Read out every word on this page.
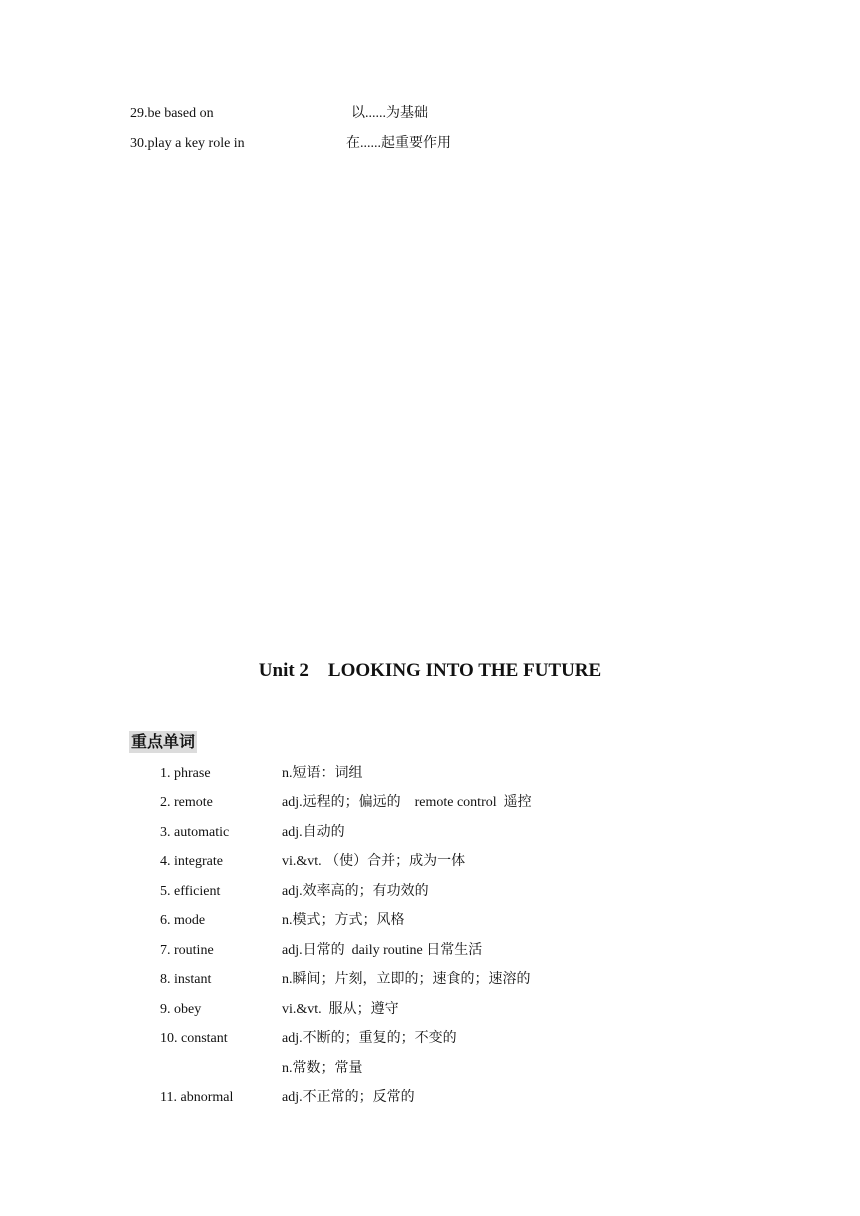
29.be based on

	以......为基础

30.play a key role in

	在......起重要作用

Unit 2    LOOKING INTO THE FUTURE
重点单词

1. phrase

	n.短语：词组

2. remote

	adj.远程的；偏远的    remote control  遥控

3. automatic

	adj.自动的

4. integrate

	vi.&vt. （使）合并；成为一体

5. efficient

	adj.效率高的；有功效的

6. mode

	n.模式；方式；风格

7. routine

	adj.日常的  daily routine 日常生活

8. instant

	n.瞬间；片刻，立即的；速食的；速溶的

9. obey

	vi.&vt.  服从；遵守

10. constant

	adj.不断的；重复的；不变的

n.常数；常量

11. abnormal

	adj.不正常的；反常的
